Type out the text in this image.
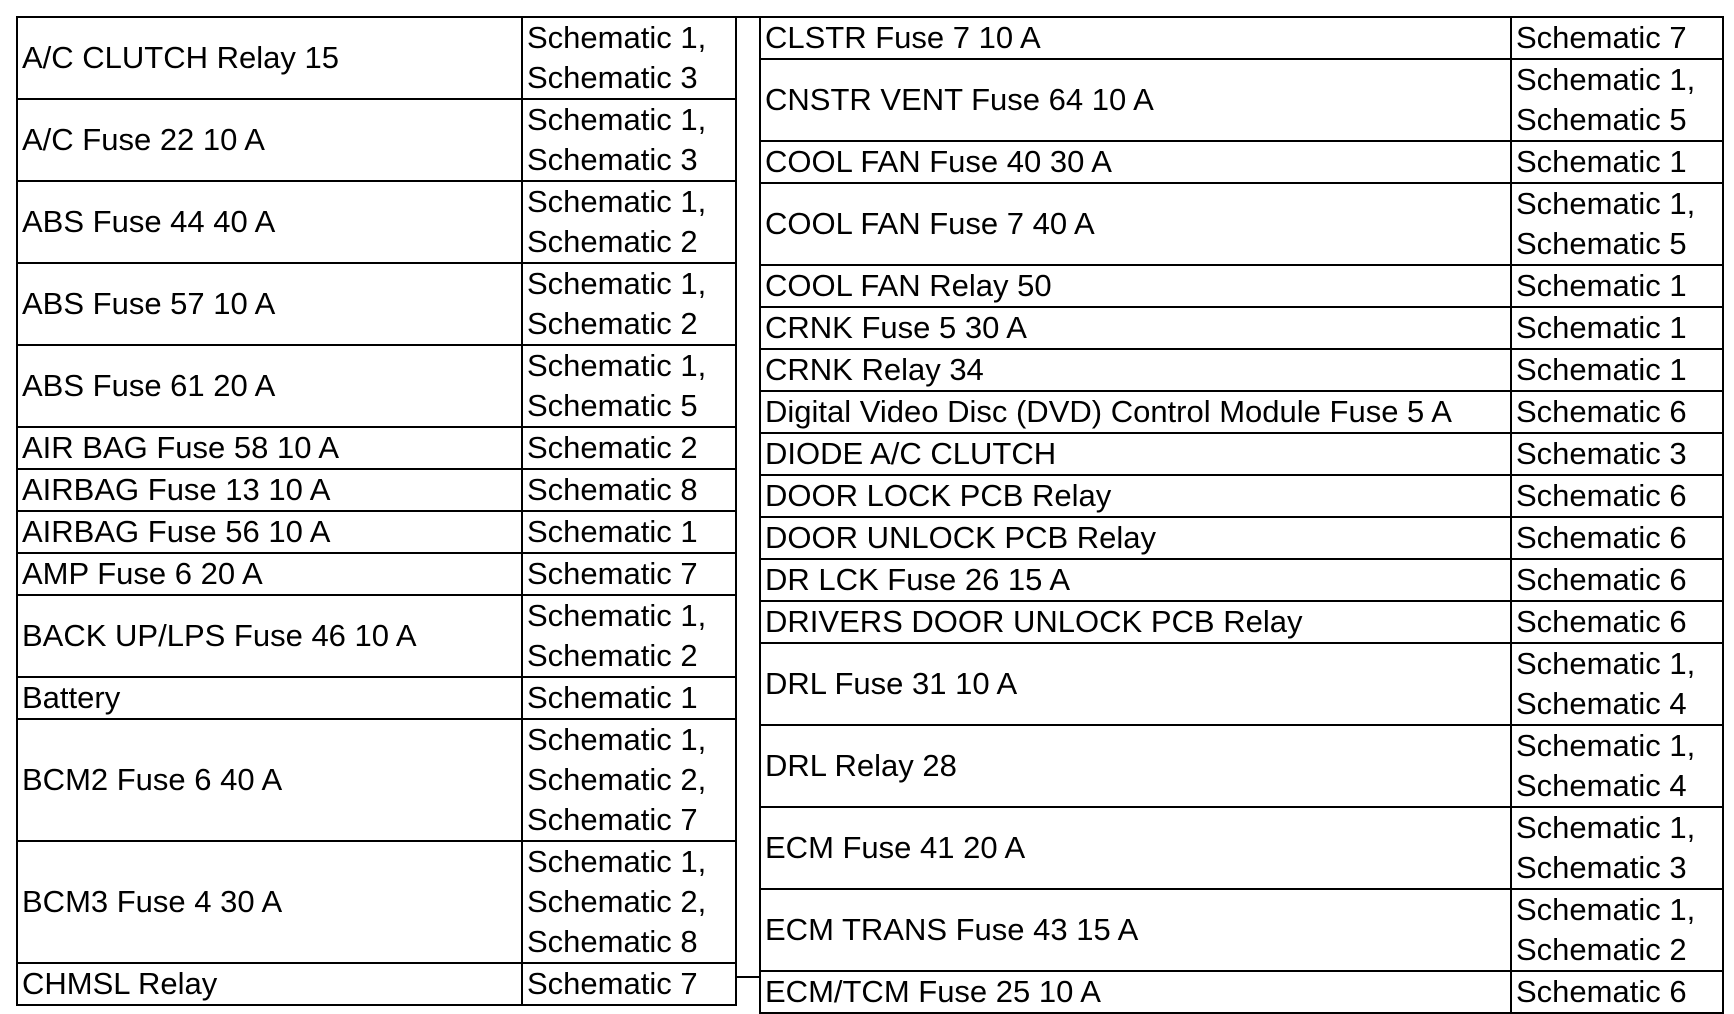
A/C CLUTCH Relay 15	Schematic 1,
Schematic 3

A/C Fuse 22 10 A	Schematic 1,
Schematic 3

ABS Fuse 44 40 A	Schematic 1,
Schematic 2

ABS Fuse 57 10 A	Schematic 1,
Schematic 2

ABS Fuse 61 20 A	Schematic 1,
Schematic 5

AIR BAG Fuse 58 10 A	Schematic 2

AIRBAG Fuse 13 10 A	Schematic 8

AIRBAG Fuse 56 10 A	Schematic 1

AMP Fuse 6 20 A	Schematic 7

BACK UP/LPS Fuse 46 10 A	Schematic 1,
Schematic 2

Battery	Schematic 1

BCM2 Fuse 6 40 A	Schematic 1,
Schematic 2,
Schematic 7

BCM3 Fuse 4 30 A	Schematic 1,
Schematic 2,
Schematic 8

CHMSL Relay	Schematic 7
CLSTR Fuse 7 10 A	Schematic 7

CNSTR VENT Fuse 64 10 A	Schematic 1,
Schematic 5

COOL FAN Fuse 40 30 A	Schematic 1

COOL FAN Fuse 7 40 A	Schematic 1,
Schematic 5

COOL FAN Relay 50	Schematic 1

CRNK Fuse 5 30 A	Schematic 1

CRNK Relay 34	Schematic 1

Digital Video Disc (DVD) Control Module Fuse 5 A	Schematic 6

DIODE A/C CLUTCH	Schematic 3

DOOR LOCK PCB Relay	Schematic 6

DOOR UNLOCK PCB Relay	Schematic 6

DR LCK Fuse 26 15 A	Schematic 6

DRIVERS DOOR UNLOCK PCB Relay	Schematic 6

DRL Fuse 31 10 A	Schematic 1,
Schematic 4

DRL Relay 28	Schematic 1,
Schematic 4

ECM Fuse 41 20 A	Schematic 1,
Schematic 3

ECM TRANS Fuse 43 15 A	Schematic 1,
Schematic 2

ECM/TCM Fuse 25 10 A	Schematic 6
